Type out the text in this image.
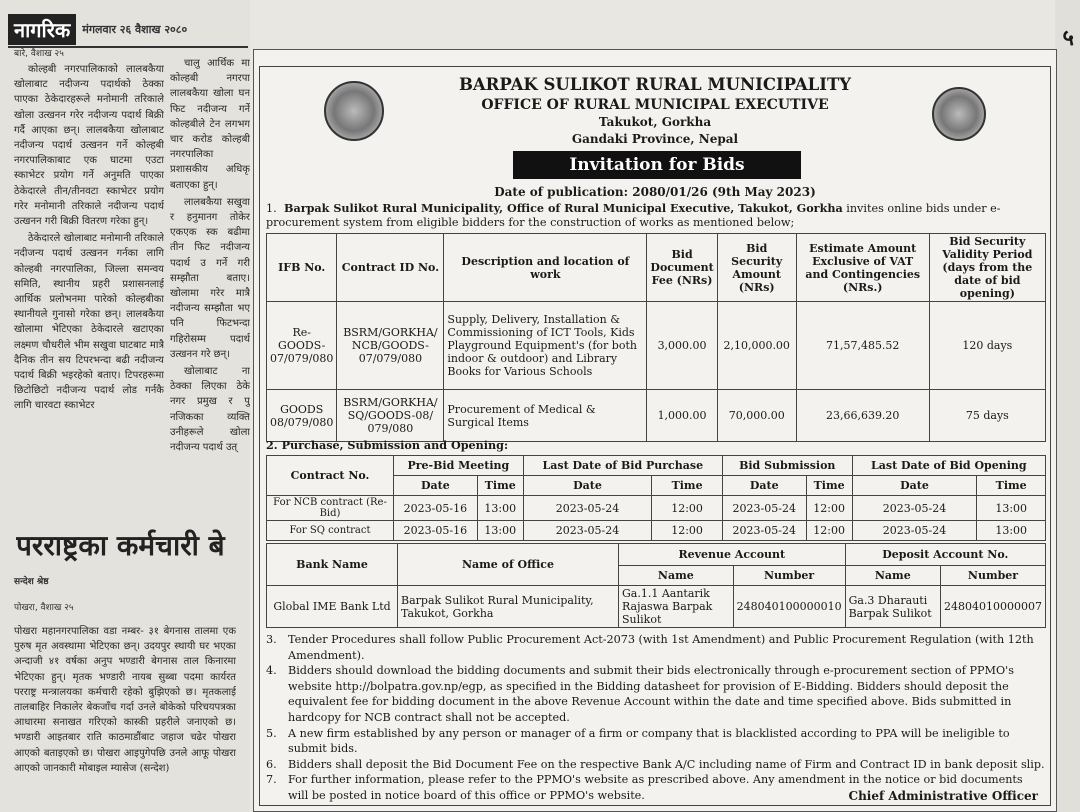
नागरिक	मंगलवार २६ वैशाख २०८०
बारे, वैशाख २५

कोल्हबी नगरपालिकाको लालबकैया खोलाबाट नदीजन्य पदार्थको ठेक्का पाएका ठेकेदारहरूले मनोमानी तरिकाले खोला उत्खनन गरेर नदीजन्य पदार्थ बिक्री गर्दै आएका छन्। लालबकैया खोलाबाट नदीजन्य पदार्थ उत्खनन गर्ने कोल्हबी नगरपालिकाबाट एक घाटमा एउटा स्काभेटर प्रयोग गर्ने अनुमति पाएका ठेकेदारले तीन/तीनवटा स्काभेटर प्रयोग गरेर मनोमानी तरिकाले नदीजन्य पदार्थ उत्खनन गरी बिक्री वितरण गरेका हुन्।

ठेकेदारले खोलाबाट मनोमानी तरिकाले नदीजन्य पदार्थ उत्खनन गर्नका लागि कोल्हबी नगरपालिका, जिल्ला समन्वय समिति, स्थानीय प्रहरी प्रशासनलाई आर्थिक प्रलोभनमा पारेको कोल्हबीका स्थानीयले गुनासो गरेका छन्। लालबकैया खोलामा भेटिएका ठेकेदारले खटाएका लक्ष्मण चौधरीले भीम सखुवा घाटबाट मात्रै दैनिक तीन सय टिपरभन्दा बढी नदीजन्य पदार्थ बिक्री भइरहेको बताए। टिपरहरूमा छिटोछिटो नदीजन्य पदार्थ लोड गर्नकै लागि चारवटा स्काभेटर

चालु आर्थिक मा कोल्हबी नगरपा लालबकैया खोला घन फिट नदीजन्य गर्ने कोल्हबीले टेन लगभग चार करोड कोल्हबी नगरपालिका प्रशासकीय अधिकृ बताएका हुन्।

लालबकैया सखुवा र हनुमानग तोकेर एकएक स्क बढीमा तीन फिट नदीजन्य पदार्थ उ गर्ने गरी सम्झौता बताए। खोलामा गरेर मात्रै नदीजन्य सम्झौता भए पनि फिटभन्दा गहिरोसम्म पदार्थ उत्खनन गरे छन्।

खोलाबाट ना ठेक्का लिएका ठेके नगर प्रमुख र पु नजिकका व्यक्ति उनीहरूले खोला नदीजन्य पदार्थ उत्

परराष्ट्रका कर्मचारी बे
सन्देश श्रेष्ठ
पोखरा, वैशाख २५

पोखरा महानगरपालिका वडा नम्बर- ३१ बेगनास तालमा एक पुरुष मृत अवस्थामा भेटिएका छन्। उदयपुर स्थायी घर भएका अन्दाजी ४१ वर्षका अनुप भण्डारी बेगनास ताल किनारमा भेटिएका हुन्। मृतक भण्डारी नायब सुब्बा पदमा कार्यरत परराष्ट्र मन्त्रालयका कर्मचारी रहेको बुझिएको छ। मृतकलाई तालबाहिर निकालेर बेकजाँच गर्दा उनले बोकेको परिचयपत्रका आधारमा सनाखत गरिएको कास्की प्रहरीले जनाएको छ। भण्डारी आइतबार राति काठमाडौंबाट जहाज चढेर पोखरा आएको बताइएको छ। पोखरा आइपुगेपछि उनले आफू पोखरा आएको जानकारी मोबाइल म्यासेज (सन्देश)

५
BARPAK SULIKOT RURAL MUNICIPALITY
OFFICE OF RURAL MUNICIPAL EXECUTIVE
Takukot, Gorkha
Gandaki Province, Nepal
Invitation for Bids
Date of publication: 2080/01/26 (9th May 2023)
1. Barpak Sulikot Rural Municipality, Office of Rural Municipal Executive, Takukot, Gorkha invites online bids under e-procurement system from eligible bidders for the construction of works as mentioned below;
IFB No.	Contract ID No.	Description and location of work	Bid Document Fee (NRs)	Bid Security Amount (NRs)	Estimate Amount Exclusive of VAT and Contingencies (NRs.)	Bid Security Validity Period (days from the date of bid opening)
Re-GOODS-07/079/080	BSRM/GORKHA/ NCB/GOODS-07/079/080	Supply, Delivery, Installation & Commissioning of ICT Tools, Kids Playground Equipment's (for both indoor & outdoor) and Library Books for Various Schools	3,000.00	2,10,000.00	71,57,485.52	120 days
GOODS 08/079/080	BSRM/GORKHA/ SQ/GOODS-08/ 079/080	Procurement of Medical & Surgical Items	1,000.00	70,000.00	23,66,639.20	75 days
2. Purchase, Submission and Opening:
Contract No.	Pre-Bid Meeting		Last Date of Bid Purchase		Bid Submission		Last Date of Bid Opening	
	Date	Time	Date	Time	Date	Time	Date	Time
For NCB contract (Re-Bid)	2023-05-16	13:00	2023-05-24	12:00	2023-05-24	12:00	2023-05-24	13:00
For SQ contract	2023-05-16	13:00	2023-05-24	12:00	2023-05-24	12:00	2023-05-24	13:00
Bank Name	Name of Office	Revenue Account		Deposit Account No.	
		Name	Number	Name	Number
Global IME Bank Ltd	Barpak Sulikot Rural Municipality, Takukot, Gorkha	Ga.1.1 Aantarik Rajaswa Barpak Sulikot	248040100000010	Ga.3 Dharauti Barpak Sulikot	24804010000007
3.	Tender Procedures shall follow Public Procurement Act-2073 (with 1st Amendment) and Public Procurement Regulation (with 12th Amendment).
4.	Bidders should download the bidding documents and submit their bids electronically through e-procurement section of PPMO's website http://bolpatra.gov.np/egp, as specified in the Bidding datasheet for provision of E-Bidding. Bidders should deposit the equivalent fee for bidding document in the above Revenue Account within the date and time specified above. Bids submitted in hardcopy for NCB contract shall not be accepted.
5.	A new firm established by any person or manager of a firm or company that is blacklisted according to PPA will be ineligible to submit bids.
6.	Bidders shall deposit the Bid Document Fee on the respective Bank A/C including name of Firm and Contract ID in bank deposit slip.
7.	For further information, please refer to the PPMO's website as prescribed above. Any amendment in the notice or bid documents will be posted in notice board of this office or PPMO's website.	Chief Administrative Officer
